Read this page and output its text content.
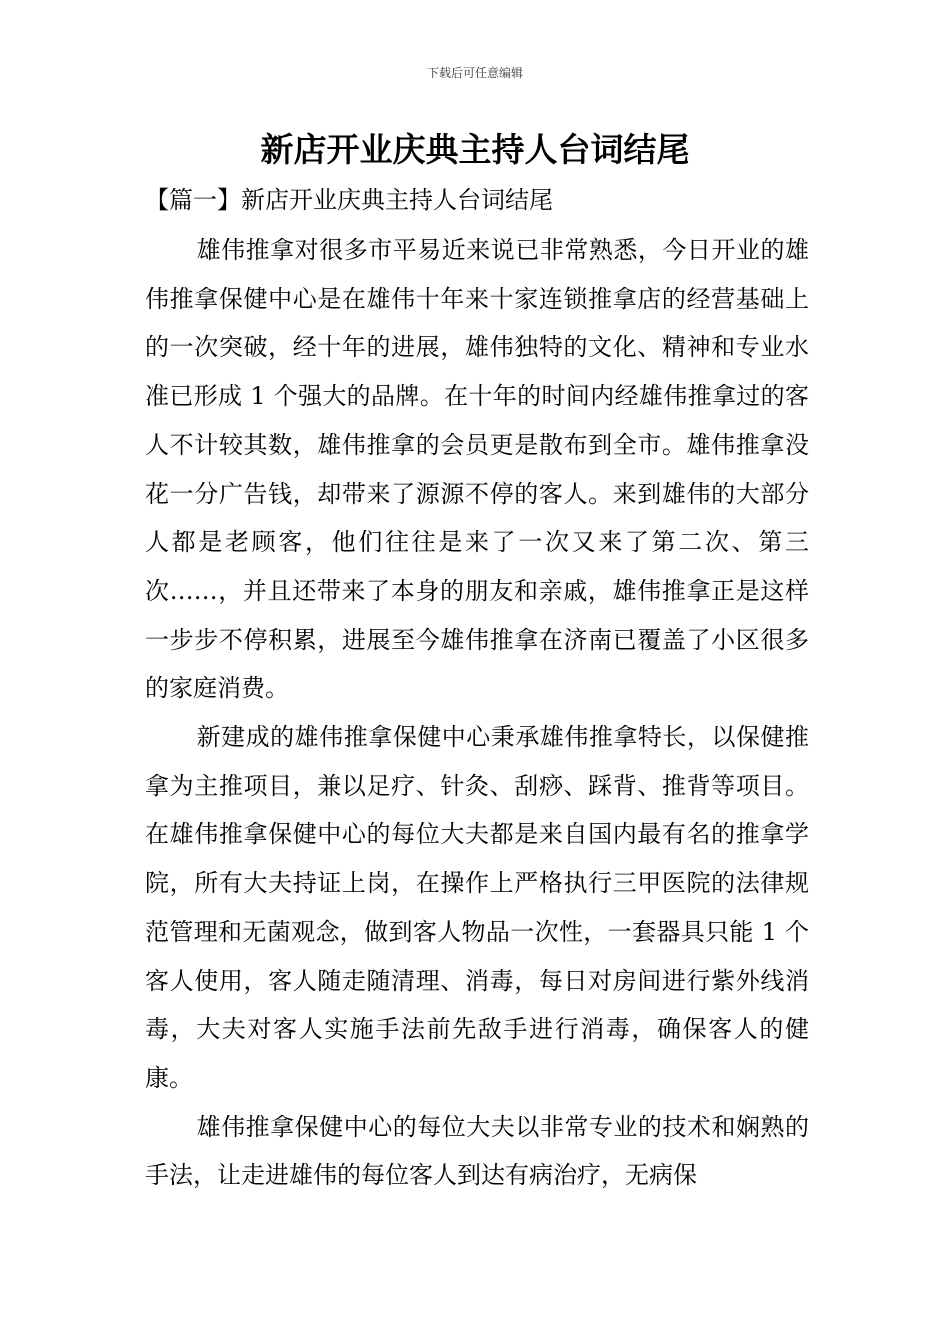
下载后可任意编辑
新店开业庆典主持人台词结尾
【篇一】新店开业庆典主持人台词结尾

雄伟推拿对很多市平易近来说已非常熟悉，今日开业的雄伟推拿保健中心是在雄伟十年来十家连锁推拿店的经营基础上的一次突破，经十年的进展，雄伟独特的文化、精神和专业水准已形成 1 个强大的品牌。在十年的时间内经雄伟推拿过的客人不计较其数，雄伟推拿的会员更是散布到全市。雄伟推拿没花一分广告钱，却带来了源源不停的客人。来到雄伟的大部分人都是老顾客，他们往往是来了一次又来了第二次、第三次……，并且还带来了本身的朋友和亲戚，雄伟推拿正是这样一步步不停积累，进展至今雄伟推拿在济南已覆盖了小区很多的家庭消费。

新建成的雄伟推拿保健中心秉承雄伟推拿特长，以保健推拿为主推项目，兼以足疗、针灸、刮痧、踩背、推背等项目。在雄伟推拿保健中心的每位大夫都是来自国内最有名的推拿学院，所有大夫持证上岗，在操作上严格执行三甲医院的法律规范管理和无菌观念，做到客人物品一次性，一套器具只能 1 个客人使用，客人随走随清理、消毒，每日对房间进行紫外线消毒，大夫对客人实施手法前先敌手进行消毒，确保客人的健康。

雄伟推拿保健中心的每位大夫以非常专业的技术和娴熟的手法，让走进雄伟的每位客人到达有病治疗，无病保
